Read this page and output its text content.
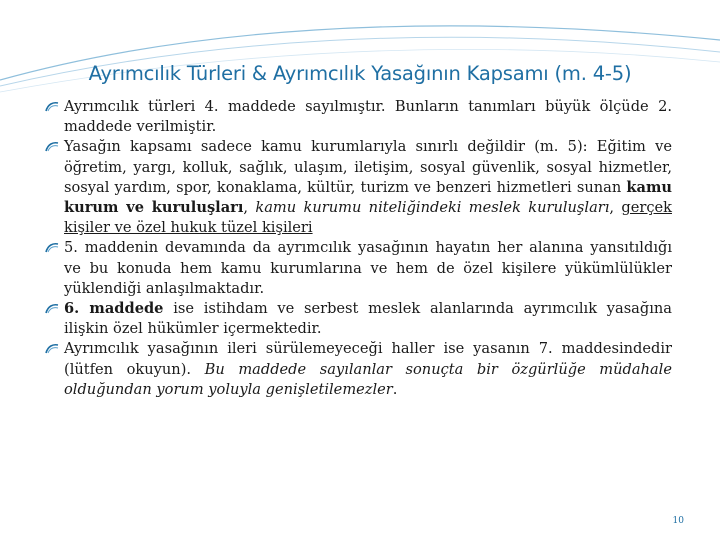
Ayrımcılık Türleri & Ayrımcılık Yasağının Kapsamı (m. 4-5)
Ayrımcılık türleri 4. maddede sayılmıştır. Bunların tanımları büyük ölçüde 2. maddede verilmiştir.
Yasağın kapsamı sadece kamu kurumlarıyla sınırlı değildir (m. 5): Eğitim ve öğretim, yargı, kolluk, sağlık, ulaşım, iletişim, sosyal güvenlik, sosyal hizmetler, sosyal yardım, spor, konaklama, kültür, turizm ve benzeri hizmetleri sunan kamu kurum ve kuruluşları, kamu kurumu niteliğindeki meslek kuruluşları, gerçek kişiler ve özel hukuk tüzel kişileri
5. maddenin devamında da ayrımcılık yasağının hayatın her alanına yansıtıldığı ve bu konuda hem kamu kurumlarına ve hem de özel kişilere yükümlülükler yüklendiği anlaşılmaktadır.
6. maddede ise istihdam ve serbest meslek alanlarında ayrımcılık yasağına ilişkin özel hükümler içermektedir.
Ayrımcılık yasağının ileri sürülemeyeceği haller ise yasanın 7. maddesindedir (lütfen okuyun). Bu maddede sayılanlar sonuçta bir özgürlüğe müdahale olduğundan yorum yoluyla genişletilemezler.
10
